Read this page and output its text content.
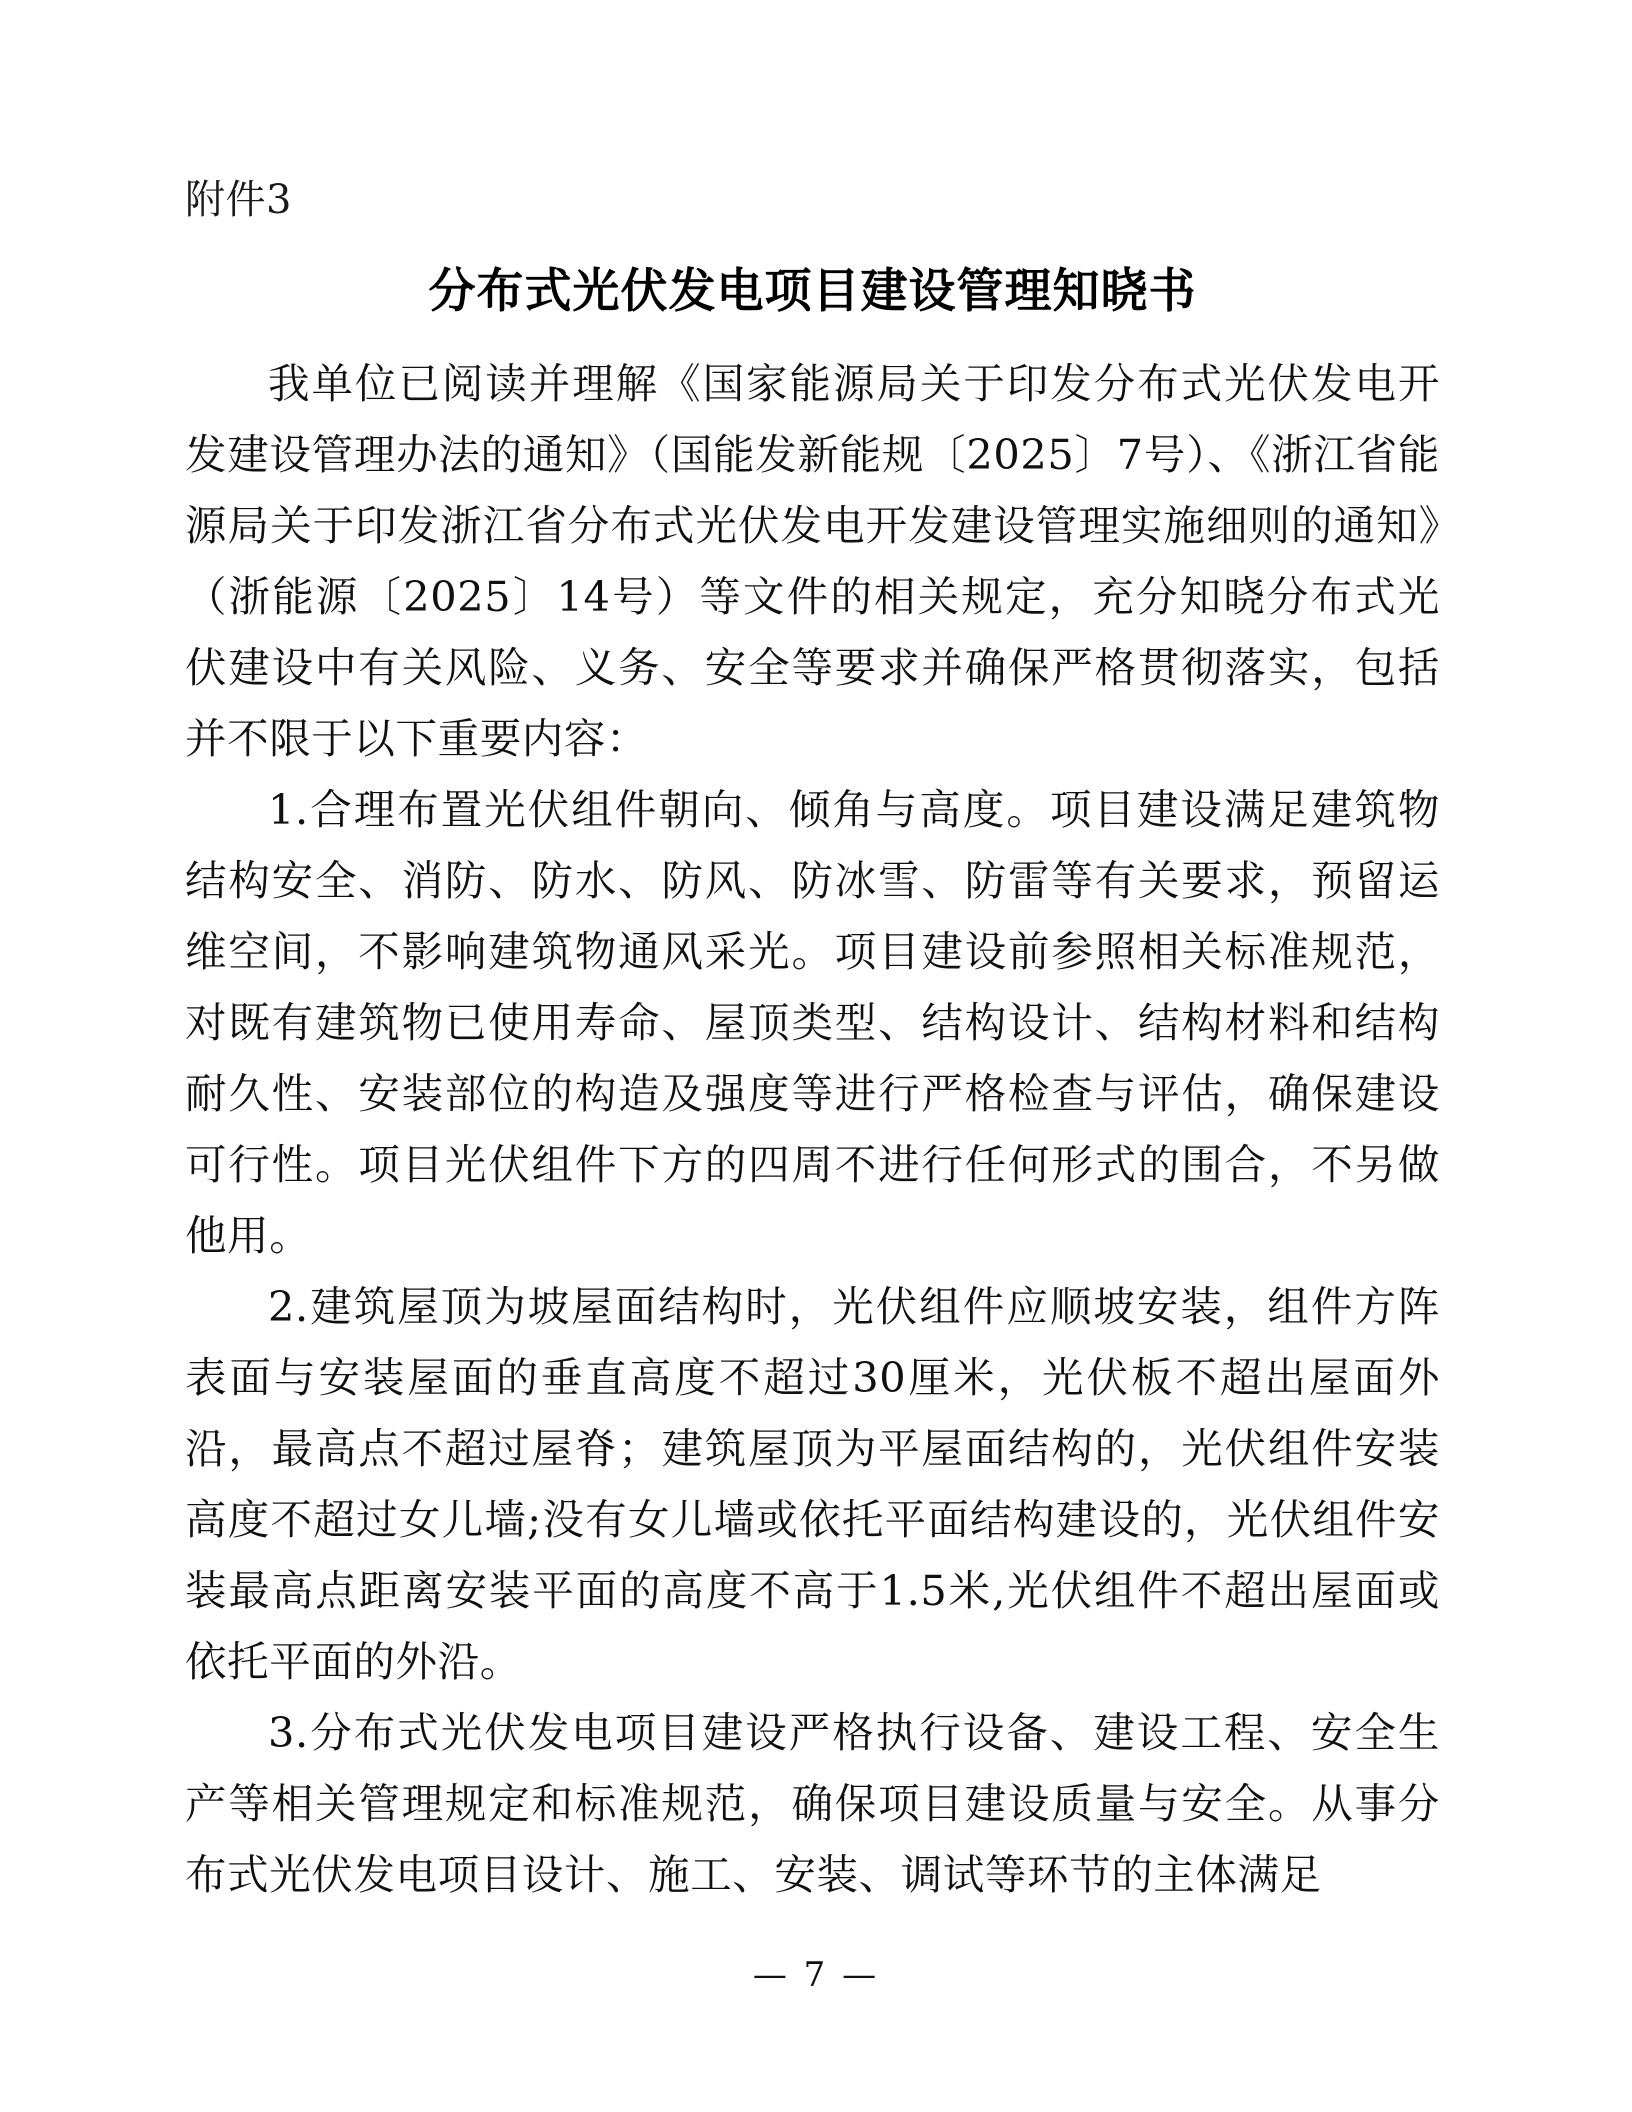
附件3
分布式光伏发电项目建设管理知晓书

我单位已阅读并理解《国家能源局关于印发分布式光伏发电开发建设管理办法的通知》（国能发新能规〔2025〕7号）、《浙江省能源局关于印发浙江省分布式光伏发电开发建设管理实施细则的通知》（浙能源〔2025〕14号）等文件的相关规定，充分知晓分布式光伏建设中有关风险、义务、安全等要求并确保严格贯彻落实，包括并不限于以下重要内容：

1.合理布置光伏组件朝向、倾角与高度。项目建设满足建筑物结构安全、消防、防水、防风、防冰雪、防雷等有关要求，预留运维空间，不影响建筑物通风采光。项目建设前参照相关标准规范，对既有建筑物已使用寿命、屋顶类型、结构设计、结构材料和结构耐久性、安装部位的构造及强度等进行严格检查与评估，确保建设可行性。项目光伏组件下方的四周不进行任何形式的围合，不另做他用。

2.建筑屋顶为坡屋面结构时，光伏组件应顺坡安装，组件方阵表面与安装屋面的垂直高度不超过30厘米，光伏板不超出屋面外沿，最高点不超过屋脊；建筑屋顶为平屋面结构的，光伏组件安装高度不超过女儿墙;没有女儿墙或依托平面结构建设的，光伏组件安装最高点距离安装平面的高度不高于1.5米,光伏组件不超出屋面或依托平面的外沿。

3.分布式光伏发电项目建设严格执行设备、建设工程、安全生产等相关管理规定和标准规范，确保项目建设质量与安全。从事分布式光伏发电项目设计、施工、安装、调试等环节的主体满足

— 7 —
